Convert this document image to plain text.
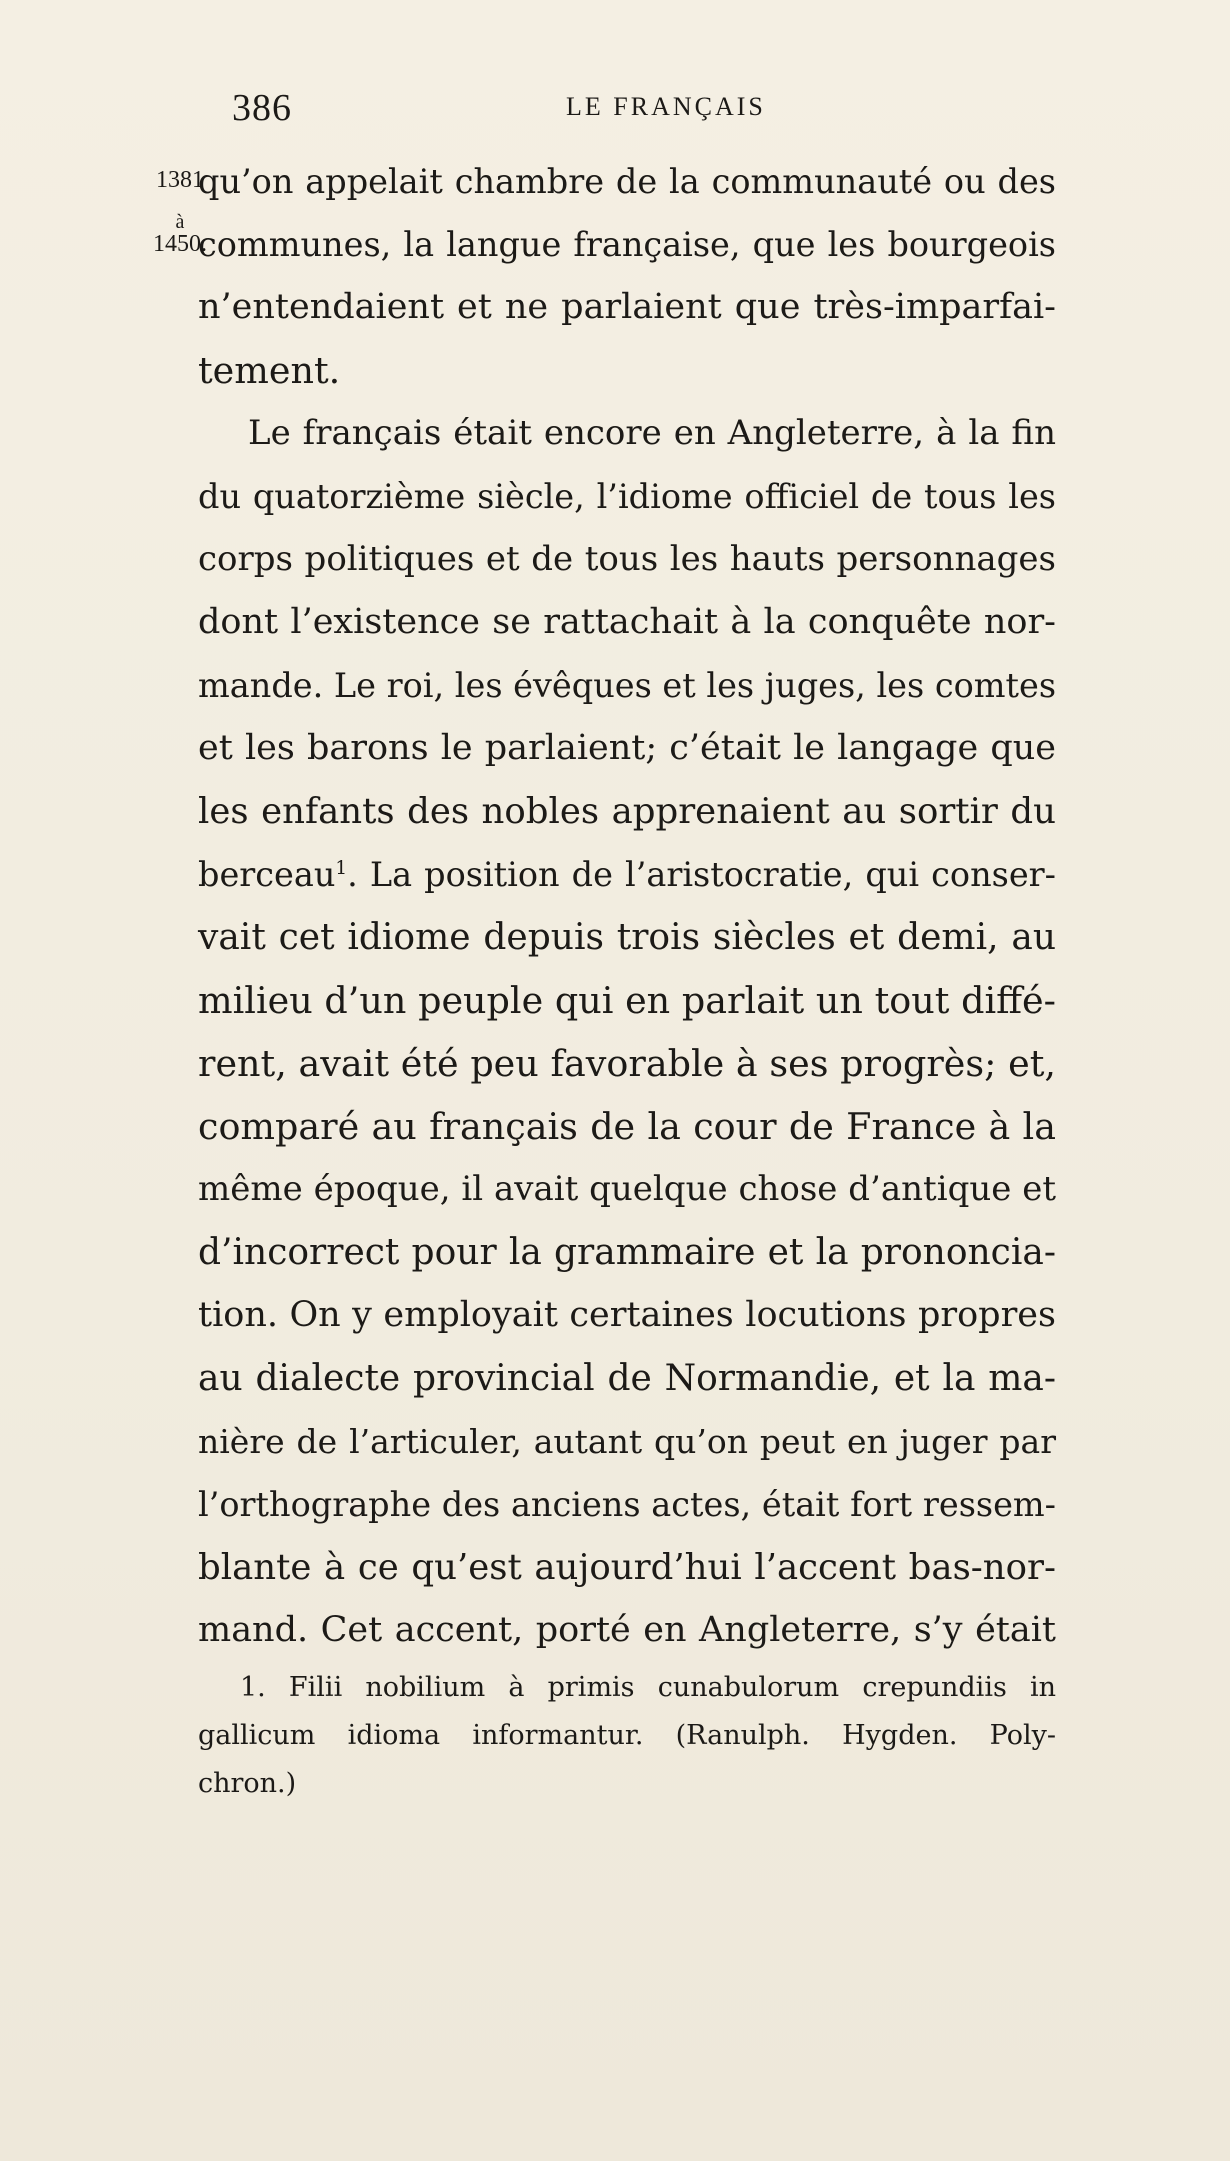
386	LE FRANÇAIS
1381
à
1450.
qu’on appelait chambre de la communauté ou des
communes, la langue française, que les bourgeois
n’entendaient et ne parlaient que très-imparfai-
tement.
Le français était encore en Angleterre, à la fin
du quatorzième siècle, l’idiome officiel de tous les
corps politiques et de tous les hauts personnages
dont l’existence se rattachait à la conquête nor-
mande. Le roi, les évêques et les juges, les comtes
et les barons le parlaient; c’était le langage que
les enfants des nobles apprenaient au sortir du
berceau$^1$. La position de l’aristocratie, qui conser-
vait cet idiome depuis trois siècles et demi, au
milieu d’un peuple qui en parlait un tout diffé-
rent, avait été peu favorable à ses progrès; et,
comparé au français de la cour de France à la
même époque, il avait quelque chose d’antique et
d’incorrect pour la grammaire et la prononcia-
tion. On y employait certaines locutions propres
au dialecte provincial de Normandie, et la ma-
nière de l’articuler, autant qu’on peut en juger par
l’orthographe des anciens actes, était fort ressem-
blante à ce qu’est aujourd’hui l’accent bas-nor-
mand. Cet accent, porté en Angleterre, s’y était
1. Filii nobilium à primis cunabulorum crepundiis in
gallicum idioma informantur. (Ranulph. Hygden. Poly-
chron.)
